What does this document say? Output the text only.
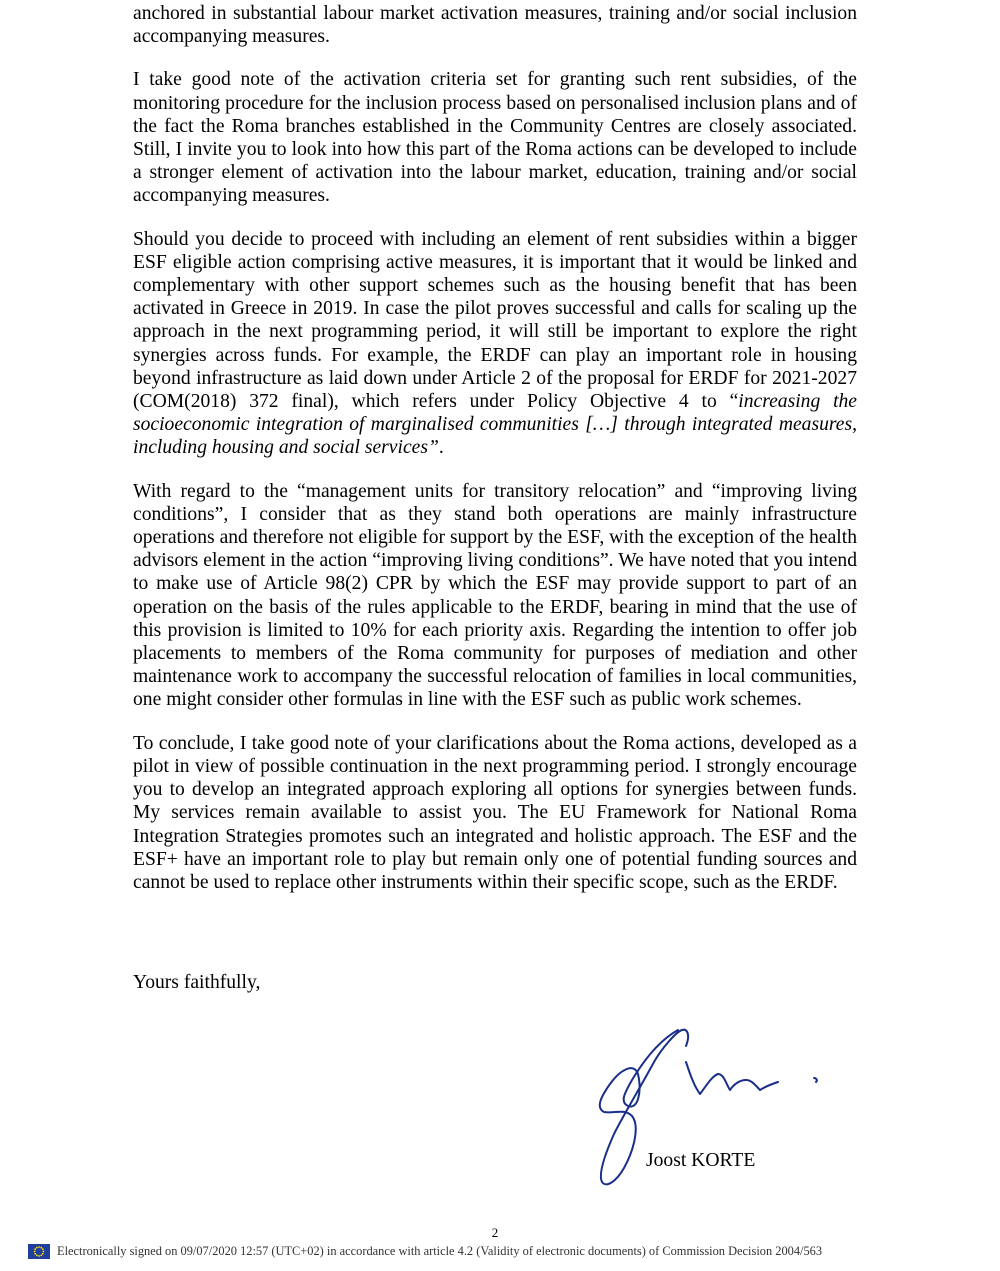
anchored in substantial labour market activation measures, training and/or social inclusion accompanying measures.

I take good note of the activation criteria set for granting such rent subsidies, of the monitoring procedure for the inclusion process based on personalised inclusion plans and of the fact the Roma branches established in the Community Centres are closely associated. Still, I invite you to look into how this part of the Roma actions can be developed to include a stronger element of activation into the labour market, education, training and/or social accompanying measures.

Should you decide to proceed with including an element of rent subsidies within a bigger ESF eligible action comprising active measures, it is important that it would be linked and complementary with other support schemes such as the housing benefit that has been activated in Greece in 2019. In case the pilot proves successful and calls for scaling up the approach in the next programming period, it will still be important to explore the right synergies across funds. For example, the ERDF can play an important role in housing beyond infrastructure as laid down under Article 2 of the proposal for ERDF for 2021-2027 (COM(2018) 372 final), which refers under Policy Objective 4 to “increasing the socioeconomic integration of marginalised communities […] through integrated measures, including housing and social services”.

With regard to the “management units for transitory relocation” and “improving living conditions”, I consider that as they stand both operations are mainly infrastructure operations and therefore not eligible for support by the ESF, with the exception of the health advisors element in the action “improving living conditions”. We have noted that you intend to make use of Article 98(2) CPR by which the ESF may provide support to part of an operation on the basis of the rules applicable to the ERDF, bearing in mind that the use of this provision is limited to 10% for each priority axis. Regarding the intention to offer job placements to members of the Roma community for purposes of mediation and other maintenance work to accompany the successful relocation of families in local communities, one might consider other formulas in line with the ESF such as public work schemes.

To conclude, I take good note of your clarifications about the Roma actions, developed as a pilot in view of possible continuation in the next programming period. I strongly encourage you to develop an integrated approach exploring all options for synergies between funds. My services remain available to assist you. The EU Framework for National Roma Integration Strategies promotes such an integrated and holistic approach. The ESF and the ESF+ have an important role to play but remain only one of potential funding sources and cannot be used to replace other instruments within their specific scope, such as the ERDF.

Yours faithfully,
Joost KORTE
2
Electronically signed on 09/07/2020 12:57 (UTC+02) in accordance with article 4.2 (Validity of electronic documents) of Commission Decision 2004/563
